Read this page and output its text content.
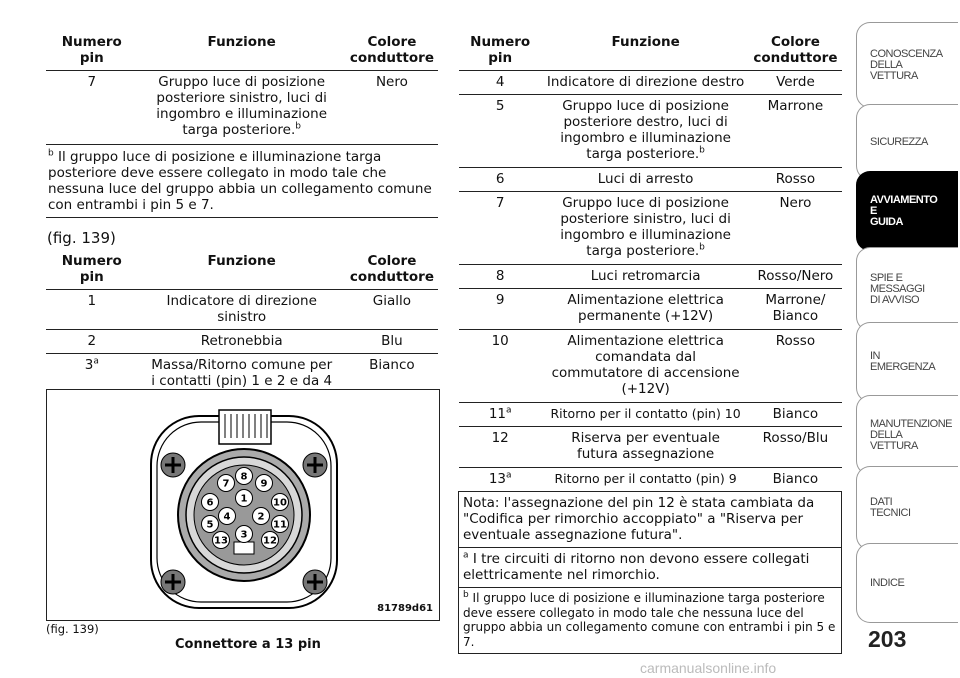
Numero
pin	Funzione	Colore
conduttore
7	Gruppo luce di posizione posteriore sinistro, luci di ingombro e illuminazione targa posteriore.$^b$	Nero
$^b$ Il gruppo luce di posizione e illuminazione targa posteriore deve essere collegato in modo tale che nessuna luce del gruppo abbia un collegamento comune con entrambi i pin 5 e 7.		
(fig. 139)
Numero
pin	Funzione	Colore
conduttore
1	Indicatore di direzione sinistro	Giallo
2	Retronebbia	Blu
3$^a$	Massa/Ritorno comune per i contatti (pin) 1 e 2 e da 4	Bianco
1
2
3
4
5
6
7
8
9
10
11
12
13
81789d61
(fig. 139)
Connettore a 13 pin
Numero
pin	Funzione	Colore
conduttore
4	Indicatore di direzione destro	Verde
5	Gruppo luce di posizione posteriore destro, luci di ingombro e illuminazione targa posteriore.$^b$	Marrone
6	Luci di arresto	Rosso
7	Gruppo luce di posizione posteriore sinistro, luci di ingombro e illuminazione targa posteriore.$^b$	Nero
8	Luci retromarcia	Rosso/Nero
9	Alimentazione elettrica permanente (+12V)	Marrone/
Bianco
10	Alimentazione elettrica comandata dal commutatore di accensione (+12V)	Rosso
11$^a$	Ritorno per il contatto (pin) 10	Bianco
12	Riserva per eventuale futura assegnazione	Rosso/Blu
13$^a$	Ritorno per il contatto (pin) 9	Bianco
Nota: l'assegnazione del pin 12 è stata cambiata da "Codifica per rimorchio accoppiato" a "Riserva per eventuale assegnazione futura".		
$^a$ I tre circuiti di ritorno non devono essere collegati elettricamente nel rimorchio.		
$^b$ Il gruppo luce di posizione e illuminazione targa posteriore deve essere collegato in modo tale che nessuna luce del gruppo abbia un collegamento comune con entrambi i pin 5 e 7.		
CONOSCENZA
DELLA
VETTURA
SICUREZZA
AVVIAMENTO
E
GUIDA
SPIE E
MESSAGGI
DI AVVISO
IN
EMERGENZA
MANUTENZIONE
DELLA
VETTURA
DATI
TECNICI
INDICE
203
carmanualsonline.info
